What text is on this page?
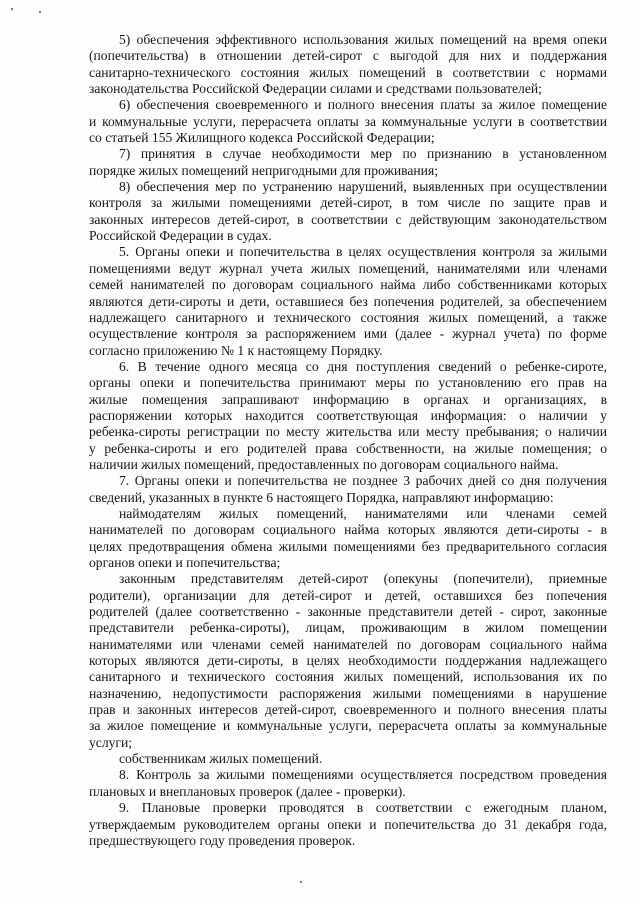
5) обеспечения эффективного использования жилых помещений на время опеки
(попечительства) в отношении детей-сирот с выгодой для них и поддержания
санитарно-технического состояния жилых помещений в соответствии с нормами
законодательства Российской Федерации силами и средствами пользователей;
6) обеспечения своевременного и полного внесения платы за жилое помещение
и коммунальные услуги, перерасчета оплаты за коммунальные услуги в соответствии
со статьей 155 Жилищного кодекса Российской Федерации;
7) принятия в случае необходимости мер по признанию в установленном
порядке жилых помещений непригодными для проживания;
8) обеспечения мер по устранению нарушений, выявленных при осуществлении
контроля за жилыми помещениями детей-сирот, в том числе по защите прав и
законных интересов детей-сирот, в соответствии с действующим законодательством
Российской Федерации в судах.
5. Органы опеки и попечительства в целях осуществления контроля за жилыми
помещениями ведут журнал учета жилых помещений, нанимателями или членами
семей нанимателей по договорам социального найма либо собственниками которых
являются дети-сироты и дети, оставшиеся без попечения родителей, за обеспечением
надлежащего санитарного и технического состояния жилых помещений, а также
осуществление контроля за распоряжением ими (далее - журнал учета) по форме
согласно приложению № 1 к настоящему Порядку.
6. В течение одного месяца со дня поступления сведений о ребенке-сироте,
органы опеки и попечительства принимают меры по установлению его прав на
жилые помещения запрашивают информацию в органах и организациях, в
распоряжении которых находится соответствующая информация: о наличии у
ребенка-сироты регистрации по месту жительства или месту пребывания; о наличии
у ребенка-сироты и его родителей права собственности, на жилые помещения; о
наличии жилых помещений, предоставленных по договорам социального найма.
7. Органы опеки и попечительства не позднее 3 рабочих дней со дня получения
сведений, указанных в пункте 6 настоящего Порядка, направляют информацию:
наймодателям жилых помещений, нанимателями или членами семей
нанимателей по договорам социального найма которых являются дети-сироты - в
целях предотвращения обмена жилыми помещениями без предварительного согласия
органов опеки и попечительства;
законным представителям детей-сирот (опекуны (попечители), приемные
родители), организации для детей-сирот и детей, оставшихся без попечения
родителей (далее соответственно - законные представители детей - сирот, законные
представители ребенка-сироты), лицам, проживающим в жилом помещении
нанимателями или членами семей нанимателей по договорам социального найма
которых являются дети-сироты, в целях необходимости поддержания надлежащего
санитарного и технического состояния жилых помещений, использования их по
назначению, недопустимости распоряжения жилыми помещениями в нарушение
прав и законных интересов детей-сирот, своевременного и полного внесения платы
за жилое помещение и коммунальные услуги, перерасчета оплаты за коммунальные
услуги;
собственникам жилых помещений.
8. Контроль за жилыми помещениями осуществляется посредством проведения
плановых и внеплановых проверок (далее - проверки).
9. Плановые проверки проводятся в соответствии с ежегодным планом,
утверждаемым руководителем органы опеки и попечительства до 31 декабря года,
предшествующего году проведения проверок.
